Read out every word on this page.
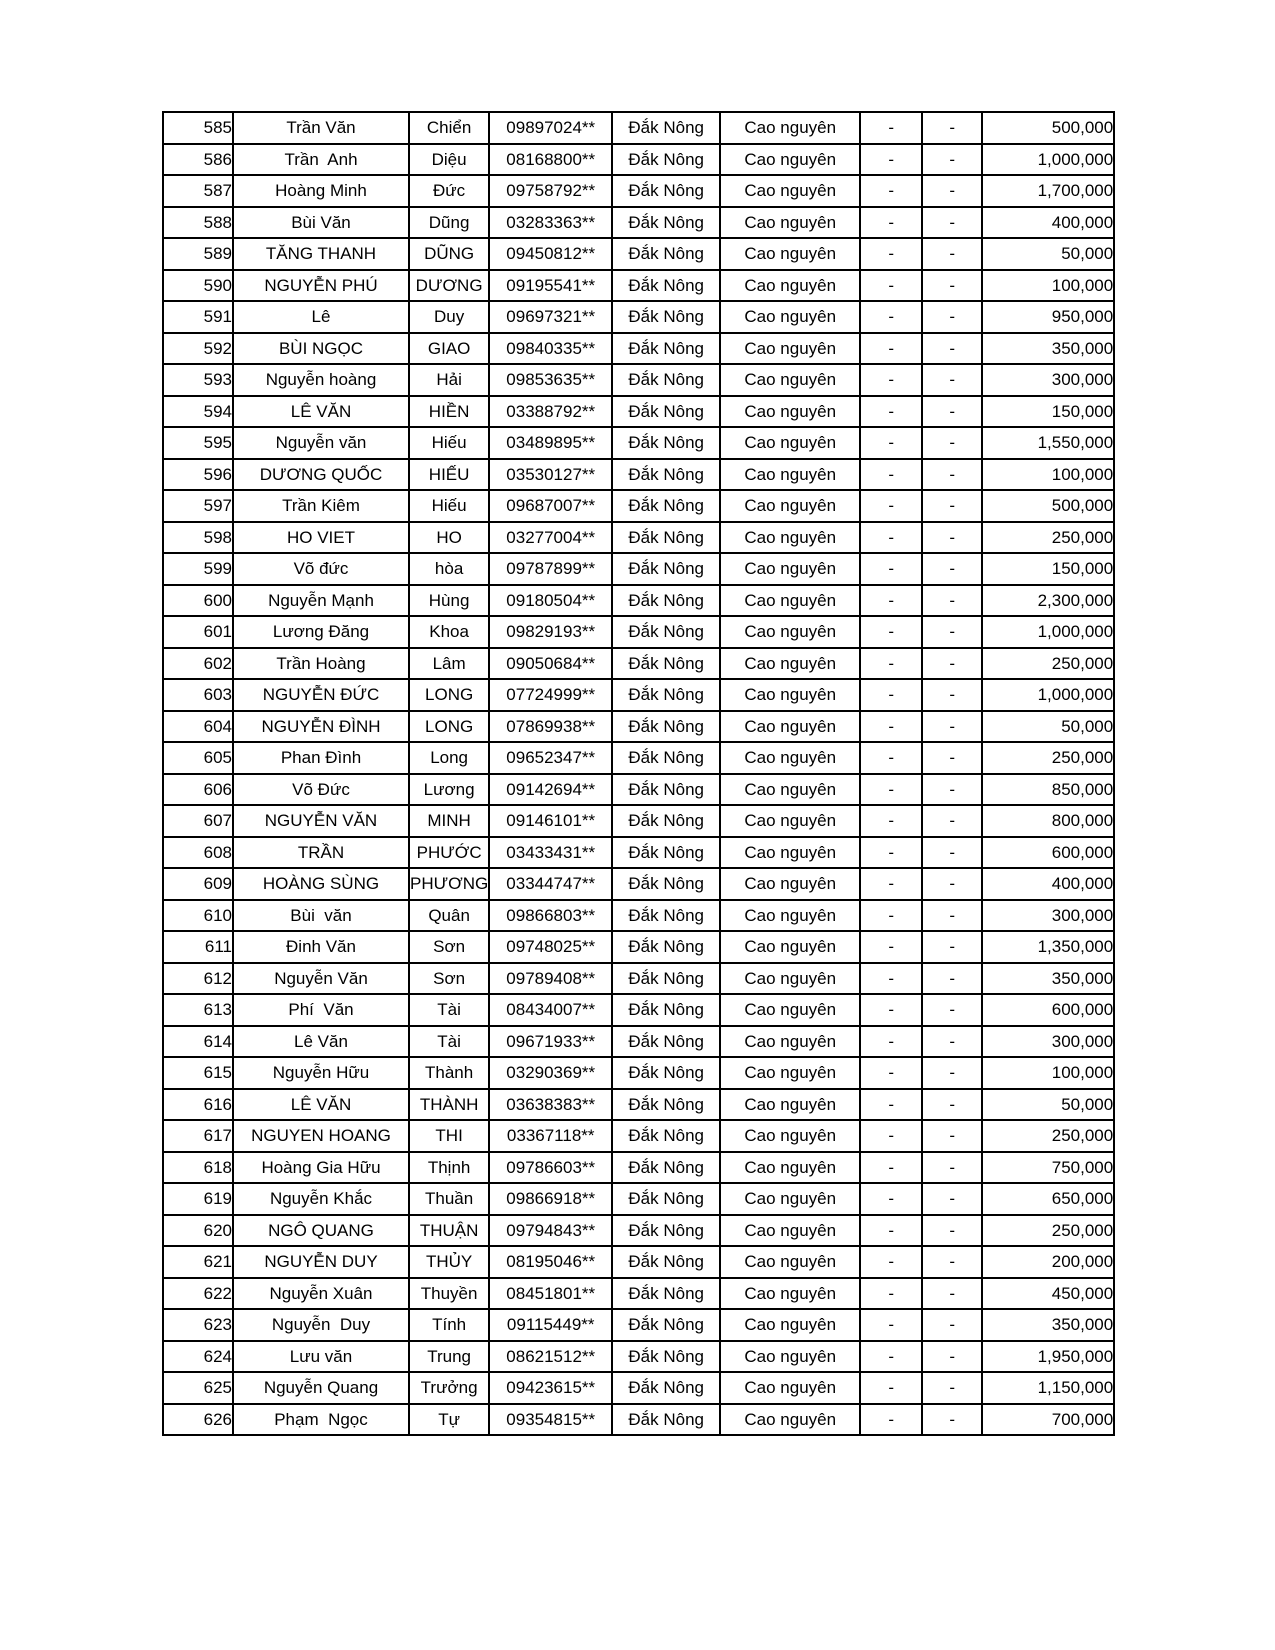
585	Trần Văn	Chiển	09897024**	Đắk Nông	Cao nguyên	-	-	500,000
586	Trần  Anh	Diệu	08168800**	Đắk Nông	Cao nguyên	-	-	1,000,000
587	Hoàng Minh	Đức	09758792**	Đắk Nông	Cao nguyên	-	-	1,700,000
588	Bùi Văn	Dũng	03283363**	Đắk Nông	Cao nguyên	-	-	400,000
589	TĂNG THANH	DŨNG	09450812**	Đắk Nông	Cao nguyên	-	-	50,000
590	NGUYỄN PHÚ	DƯƠNG	09195541**	Đắk Nông	Cao nguyên	-	-	100,000
591	Lê	Duy	09697321**	Đắk Nông	Cao nguyên	-	-	950,000
592	BÙI NGỌC	GIAO	09840335**	Đắk Nông	Cao nguyên	-	-	350,000
593	Nguyễn hoàng	Hải	09853635**	Đắk Nông	Cao nguyên	-	-	300,000
594	LÊ VĂN	HIỀN	03388792**	Đắk Nông	Cao nguyên	-	-	150,000
595	Nguyễn văn	Hiếu	03489895**	Đắk Nông	Cao nguyên	-	-	1,550,000
596	DƯƠNG QUỐC	HIẾU	03530127**	Đắk Nông	Cao nguyên	-	-	100,000
597	Trần Kiêm	Hiếu	09687007**	Đắk Nông	Cao nguyên	-	-	500,000
598	HO VIET	HO	03277004**	Đắk Nông	Cao nguyên	-	-	250,000
599	Võ đức	hòa	09787899**	Đắk Nông	Cao nguyên	-	-	150,000
600	Nguyễn Mạnh	Hùng	09180504**	Đắk Nông	Cao nguyên	-	-	2,300,000
601	Lương Đăng	Khoa	09829193**	Đắk Nông	Cao nguyên	-	-	1,000,000
602	Trần Hoàng	Lâm	09050684**	Đắk Nông	Cao nguyên	-	-	250,000
603	NGUYỄN ĐỨC	LONG	07724999**	Đắk Nông	Cao nguyên	-	-	1,000,000
604	NGUYỄN ĐÌNH	LONG	07869938**	Đắk Nông	Cao nguyên	-	-	50,000
605	Phan Đình	Long	09652347**	Đắk Nông	Cao nguyên	-	-	250,000
606	Võ Đức	Lương	09142694**	Đắk Nông	Cao nguyên	-	-	850,000
607	NGUYỄN VĂN	MINH	09146101**	Đắk Nông	Cao nguyên	-	-	800,000
608	TRẦN	PHƯỚC	03433431**	Đắk Nông	Cao nguyên	-	-	600,000
609	HOÀNG SÙNG	PHƯƠNG	03344747**	Đắk Nông	Cao nguyên	-	-	400,000
610	Bùi  văn	Quân	09866803**	Đắk Nông	Cao nguyên	-	-	300,000
611	Đinh Văn	Sơn	09748025**	Đắk Nông	Cao nguyên	-	-	1,350,000
612	Nguyễn Văn	Sơn	09789408**	Đắk Nông	Cao nguyên	-	-	350,000
613	Phí  Văn	Tài	08434007**	Đắk Nông	Cao nguyên	-	-	600,000
614	Lê Văn	Tài	09671933**	Đắk Nông	Cao nguyên	-	-	300,000
615	Nguyễn Hữu	Thành	03290369**	Đắk Nông	Cao nguyên	-	-	100,000
616	LÊ VĂN	THÀNH	03638383**	Đắk Nông	Cao nguyên	-	-	50,000
617	NGUYEN HOANG	THI	03367118**	Đắk Nông	Cao nguyên	-	-	250,000
618	Hoàng Gia Hữu	Thịnh	09786603**	Đắk Nông	Cao nguyên	-	-	750,000
619	Nguyễn Khắc	Thuần	09866918**	Đắk Nông	Cao nguyên	-	-	650,000
620	NGÔ QUANG	THUẬN	09794843**	Đắk Nông	Cao nguyên	-	-	250,000
621	NGUYỄN DUY	THỦY	08195046**	Đắk Nông	Cao nguyên	-	-	200,000
622	Nguyễn Xuân	Thuyền	08451801**	Đắk Nông	Cao nguyên	-	-	450,000
623	Nguyễn  Duy	Tính	09115449**	Đắk Nông	Cao nguyên	-	-	350,000
624	Lưu văn	Trung	08621512**	Đắk Nông	Cao nguyên	-	-	1,950,000
625	Nguyễn Quang	Trưởng	09423615**	Đắk Nông	Cao nguyên	-	-	1,150,000
626	Phạm  Ngọc	Tự	09354815**	Đắk Nông	Cao nguyên	-	-	700,000
